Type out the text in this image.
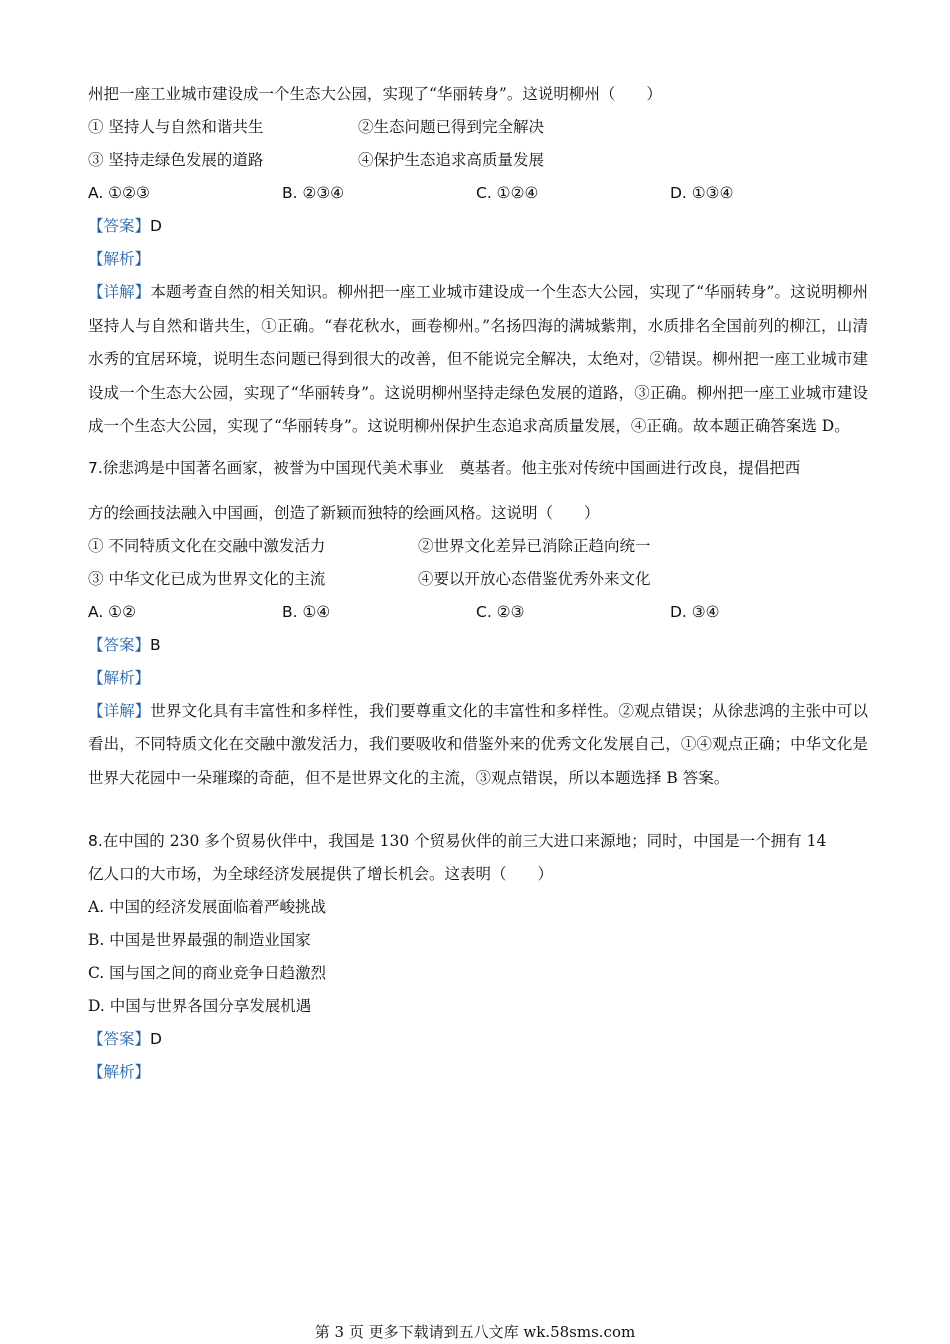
州把一座工业城市建设成一个生态大公园，实现了“华丽转身”。这说明柳州（　　）
① 坚持人与自然和谐共生	②生态问题已得到完全解决
③ 坚持走绿色发展的道路	④保护生态追求高质量发展
A. ①②③	B. ②③④	C. ①②④	D. ①③④
【答案】D
【解析】
【详解】本题考查自然的相关知识。柳州把一座工业城市建设成一个生态大公园，实现了“华丽转身”。这说明柳州坚持人与自然和谐共生，①正确。“春花秋水，画卷柳州。”名扬四海的满城紫荆，水质排名全国前列的柳江，山清水秀的宜居环境，说明生态问题已得到很大的改善，但不能说完全解决，太绝对，②错误。柳州把一座工业城市建设成一个生态大公园，实现了“华丽转身”。这说明柳州坚持走绿色发展的道路，③正确。柳州把一座工业城市建设成一个生态大公园，实现了“华丽转身”。这说明柳州保护生态追求高质量发展，④正确。故本题正确答案选 D。
7.徐悲鸿是中国著名画家，被誉为中国现代美术事业　奠基者。他主张对传统中国画进行改良，提倡把西
方的绘画技法融入中国画，创造了新颖而独特的绘画风格。这说明（　　）
① 不同特质文化在交融中激发活力	②世界文化差异已消除正趋向统一
③ 中华文化已成为世界文化的主流	④要以开放心态借鉴优秀外来文化
A. ①②	B. ①④	C. ②③	D. ③④
【答案】B
【解析】
【详解】世界文化具有丰富性和多样性，我们要尊重文化的丰富性和多样性。②观点错误；从徐悲鸿的主张中可以看出，不同特质文化在交融中激发活力，我们要吸收和借鉴外来的优秀文化发展自己，①④观点正确；中华文化是世界大花园中一朵璀璨的奇葩，但不是世界文化的主流，③观点错误，所以本题选择 B 答案。
8.在中国的 230 多个贸易伙伴中，我国是 130 个贸易伙伴的前三大进口来源地；同时，中国是一个拥有 14
亿人口的大市场，为全球经济发展提供了增长机会。这表明（　　）
A. 中国的经济发展面临着严峻挑战
B. 中国是世界最强的制造业国家
C. 国与国之间的商业竞争日趋激烈
D. 中国与世界各国分享发展机遇
【答案】D
【解析】
第 3 页 更多下载请到五八文库 wk.58sms.com
